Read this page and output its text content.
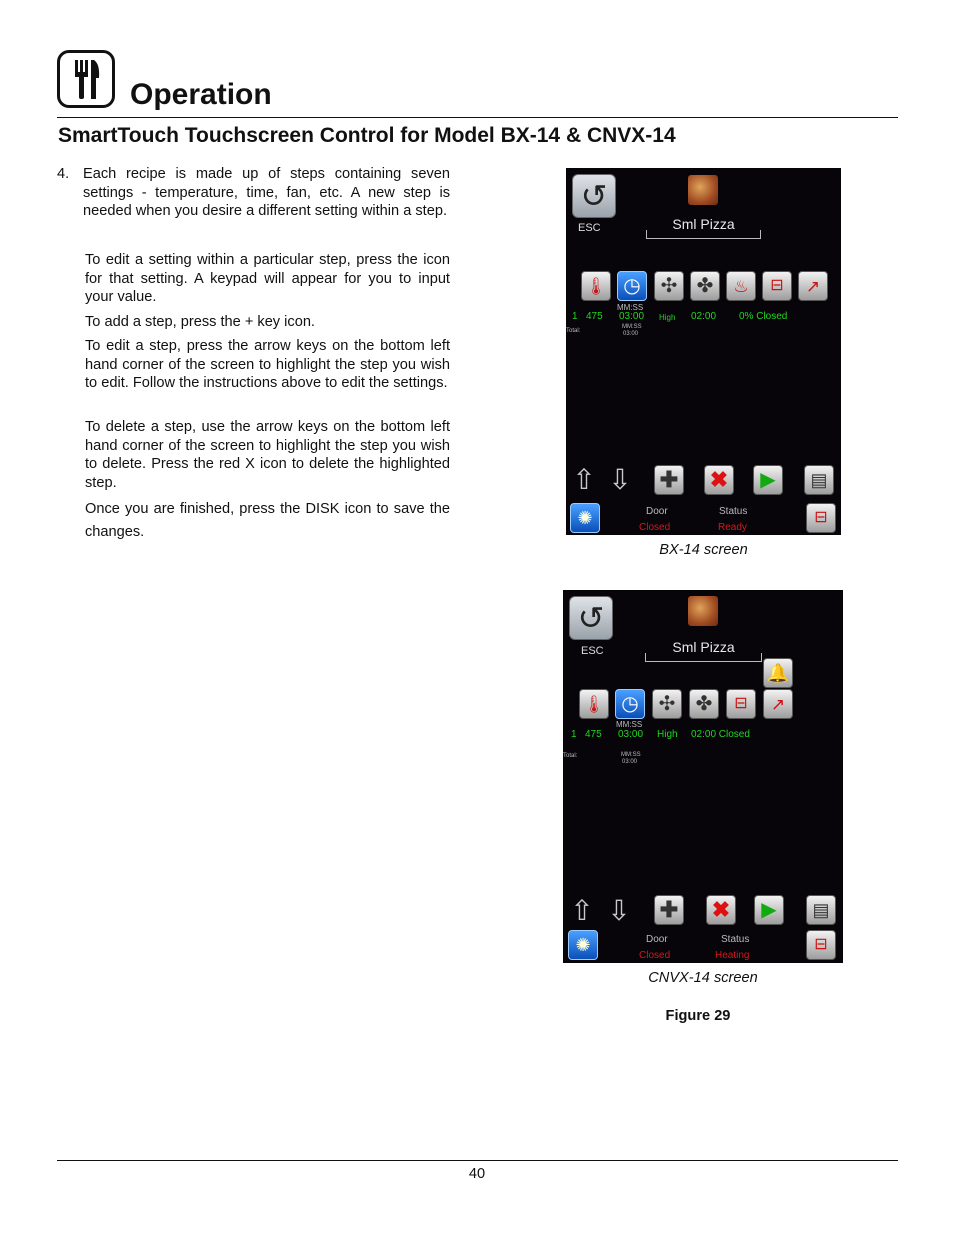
Operation
SmartTouch Touchscreen Control for Model BX-14 & CNVX-14
4. Each recipe is made up of steps containing seven settings - temperature, time, fan, etc. A new step is needed when you desire a different setting within a step.

To edit a setting within a particular step, press the icon for that setting. A keypad will appear for you to input your value.

To add a step, press the + key icon.

To edit a step, press the arrow keys on the bottom left hand corner of the screen to highlight the step you wish to edit. Follow the instructions above to edit the settings.

To delete a step, use the arrow keys on the bottom left hand corner of the screen to highlight the step you wish to delete. Press the red X icon to delete the highlighted step.

Once you are finished, press the DISK icon to save the changes.

↺
ESC	Sml Pizza
🌡 ◷ ✣ ✤	♨	⊟	↗
MM:SS
1 475 03:00 High 02:00 0% Closed
Total:
MM:SS
03:00
⇧ ⇩ ✚ ✖	▶	▤
✺	Door
Closed
Status
Ready
⊟
BX-14 screen
↺
ESC	Sml Pizza
🔔
🌡 ◷ ✣ ✤	⊟	↗
MM:SS
1 475 03:00 High 02:00 Closed
Total:	MM:SS
03:00
⇧ ⇩ ✚ ✖	▶	▤
✺	Door
Closed
Status
Heating
⊟
CNVX-14 screen
Figure 29
40
